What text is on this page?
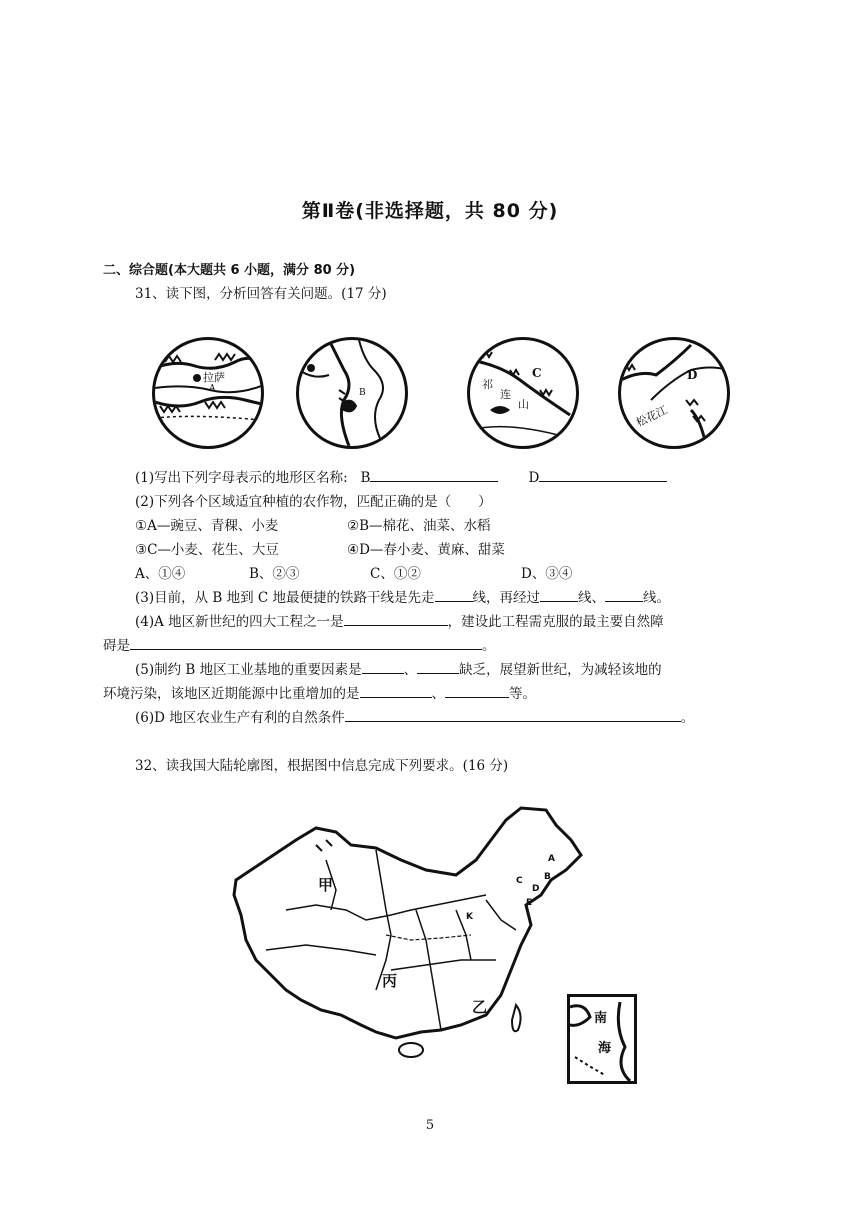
第Ⅱ卷(非选择题，共 80 分)
二、综合题(本大题共 6 小题，满分 80 分)
31、读下图，分析回答有关问题。(17 分)
拉萨
A	B
C
祁
连
山
D
松花江
(1)写出下列字母表示的地形区名称: B	D
(2)下列各个区域适宜种植的农作物，匹配正确的是（　　）
①A—豌豆、青稞、小麦	②B—棉花、油菜、水稻
③C—小麦、花生、大豆	④D—春小麦、黄麻、甜菜
A、①④	B、②③	C、①②	D、③④
(3)目前，从 B 地到 C 地最便捷的铁路干线是先走	线，再经过	线、	线。
(4)A 地区新世纪的四大工程之一是	，建设此工程需克服的最主要自然障
碍是	。
(5)制约 B 地区工业基地的重要因素是	、	缺乏，展望新世纪，为减轻该地的
环境污染，该地区近期能源中比重增加的是	、	等。
(6)D 地区农业生产有利的自然条件	。
32、读我国大陆轮廓图，根据图中信息完成下列要求。(16 分)
甲
丙
乙
A
B
C
D
E
K
南
海
5
